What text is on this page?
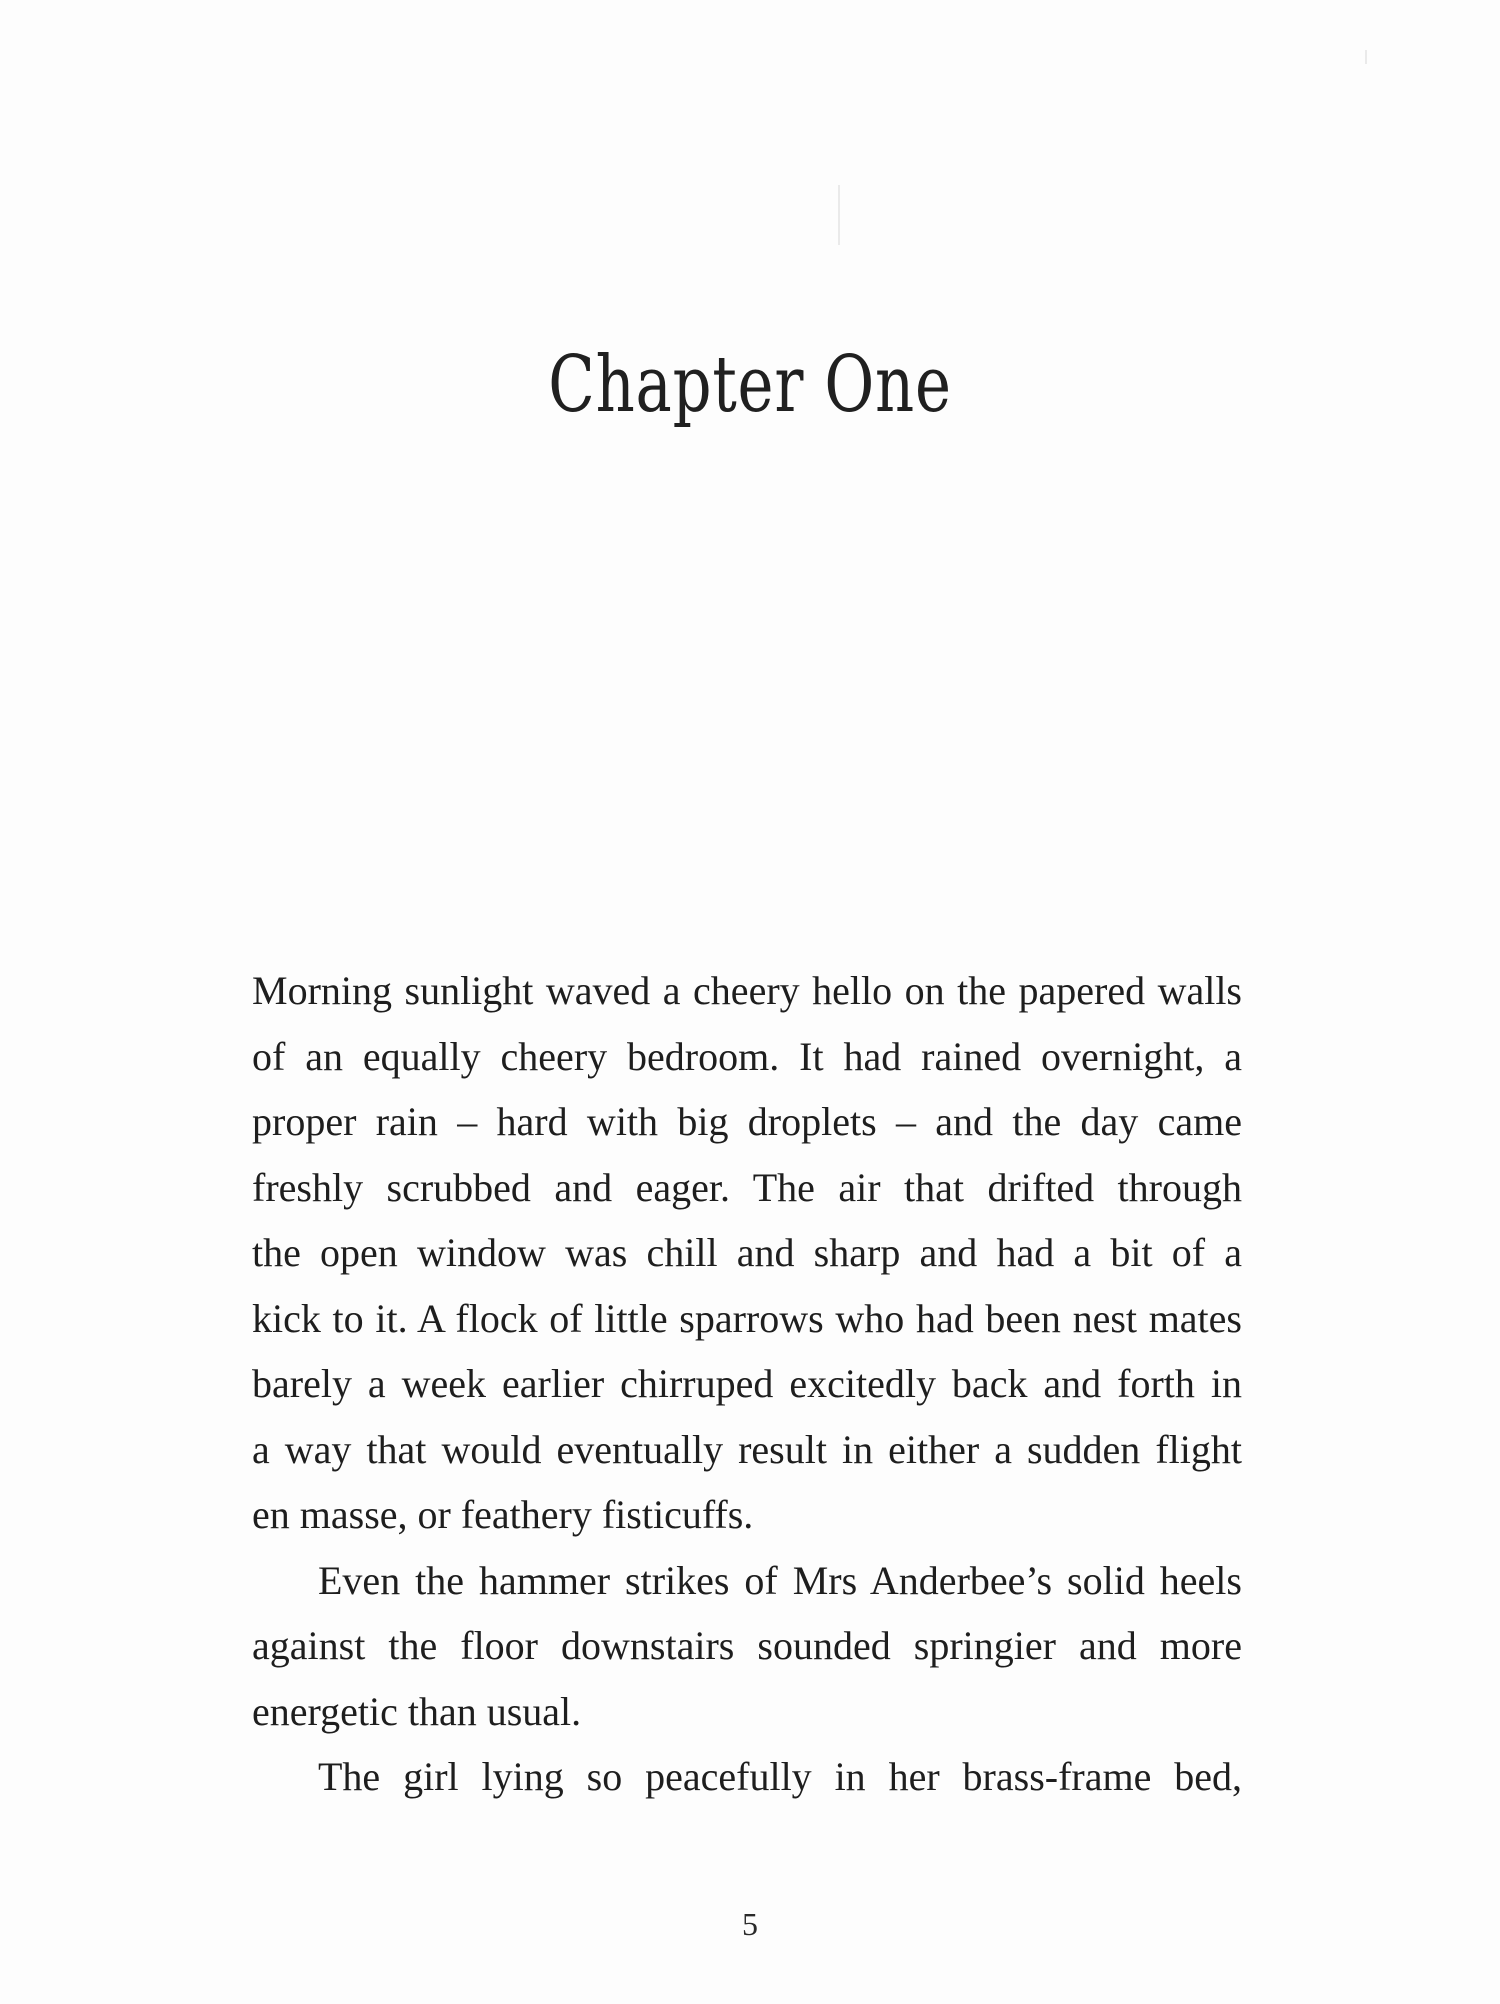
Chapter One
Morning sunlight waved a cheery hello on the papered walls
of an equally cheery bedroom. It had rained overnight, a
proper rain – hard with big droplets – and the day came
freshly scrubbed and eager. The air that drifted through
the open window was chill and sharp and had a bit of a
kick to it. A flock of little sparrows who had been nest mates
barely a week earlier chirruped excitedly back and forth in
a way that would eventually result in either a sudden flight
en masse, or feathery fisticuffs.
Even the hammer strikes of Mrs Anderbee’s solid heels
against the floor downstairs sounded springier and more
energetic than usual.
The girl lying so peacefully in her brass-frame bed,
5
